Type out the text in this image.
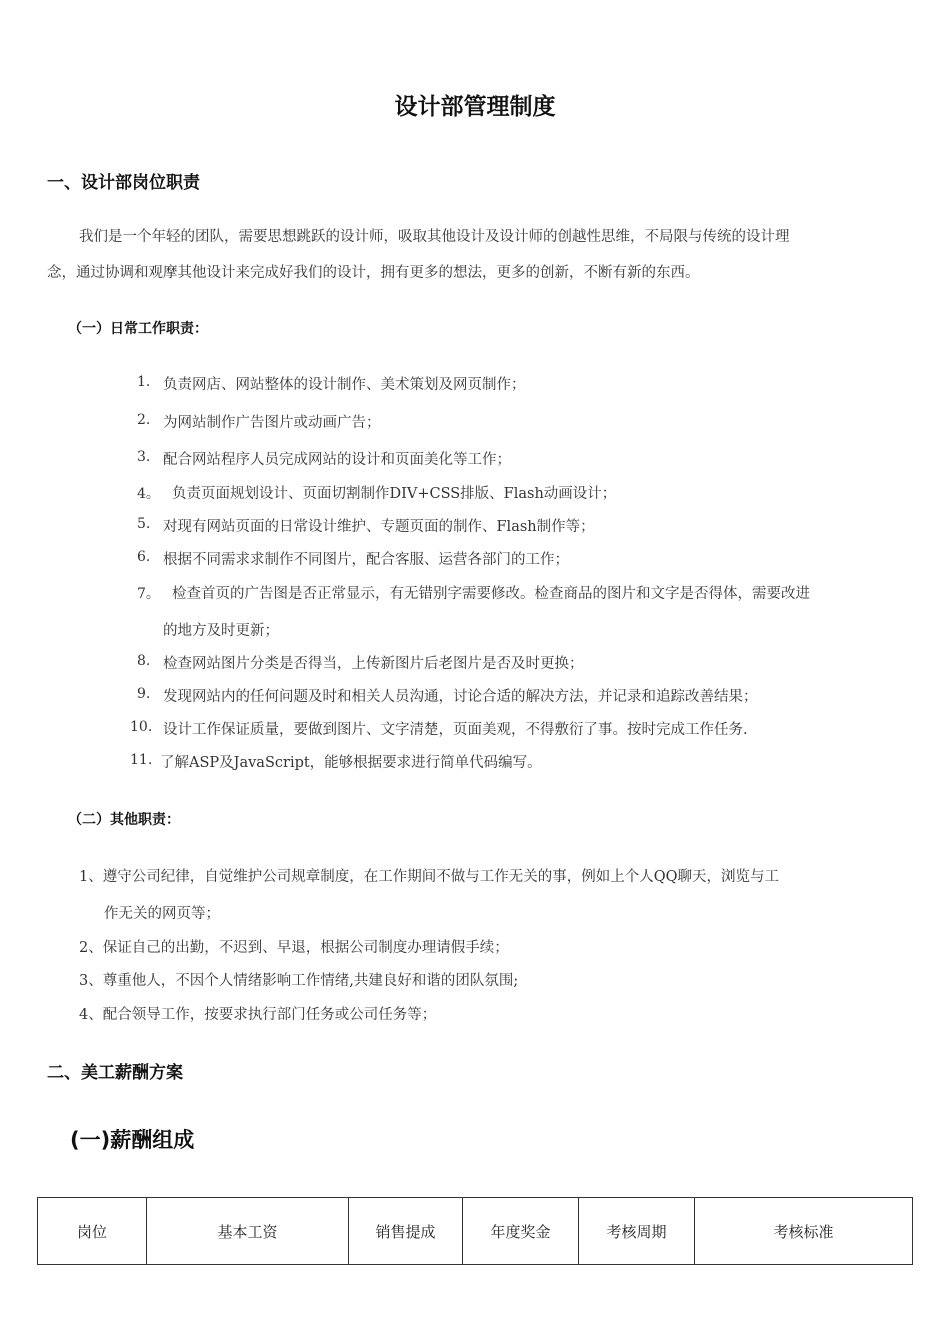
设计部管理制度
一、设计部岗位职责
我们是一个年轻的团队，需要思想跳跃的设计师，吸取其他设计及设计师的创越性思维，不局限与传统的设计理
念，通过协调和观摩其他设计来完成好我们的设计，拥有更多的想法，更多的创新，不断有新的东西。
（一）日常工作职责：
1. 负责网店、网站整体的设计制作、美术策划及网页制作；
2. 为网站制作广告图片或动画广告；
3. 配合网站程序人员完成网站的设计和页面美化等工作；
4。 负责页面规划设计、页面切割制作DIV+CSS排版、Flash动画设计；
5. 对现有网站页面的日常设计维护、专题页面的制作、Flash制作等；
6. 根据不同需求求制作不同图片，配合客服、运营各部门的工作；
7。 检查首页的广告图是否正常显示，有无错别字需要修改。检查商品的图片和文字是否得体，需要改进
的地方及时更新；
8. 检查网站图片分类是否得当，上传新图片后老图片是否及时更换；
9. 发现网站内的任何问题及时和相关人员沟通，讨论合适的解决方法，并记录和追踪改善结果；
10. 设计工作保证质量，要做到图片、文字清楚，页面美观，不得敷衍了事。按时完成工作任务.
11. 了解ASP及JavaScript，能够根据要求进行简单代码编写。
（二）其他职责：
1、遵守公司纪律，自觉维护公司规章制度，在工作期间不做与工作无关的事，例如上个人QQ聊天，浏览与工
作无关的网页等；
2、保证自己的出勤，不迟到、早退，根据公司制度办理请假手续；
3、尊重他人，不因个人情绪影响工作情绪,共建良好和谐的团队氛围;
4、配合领导工作，按要求执行部门任务或公司任务等；
二、美工薪酬方案
(一)薪酬组成
岗位	基本工资	销售提成	年度奖金	考核周期	考核标准
